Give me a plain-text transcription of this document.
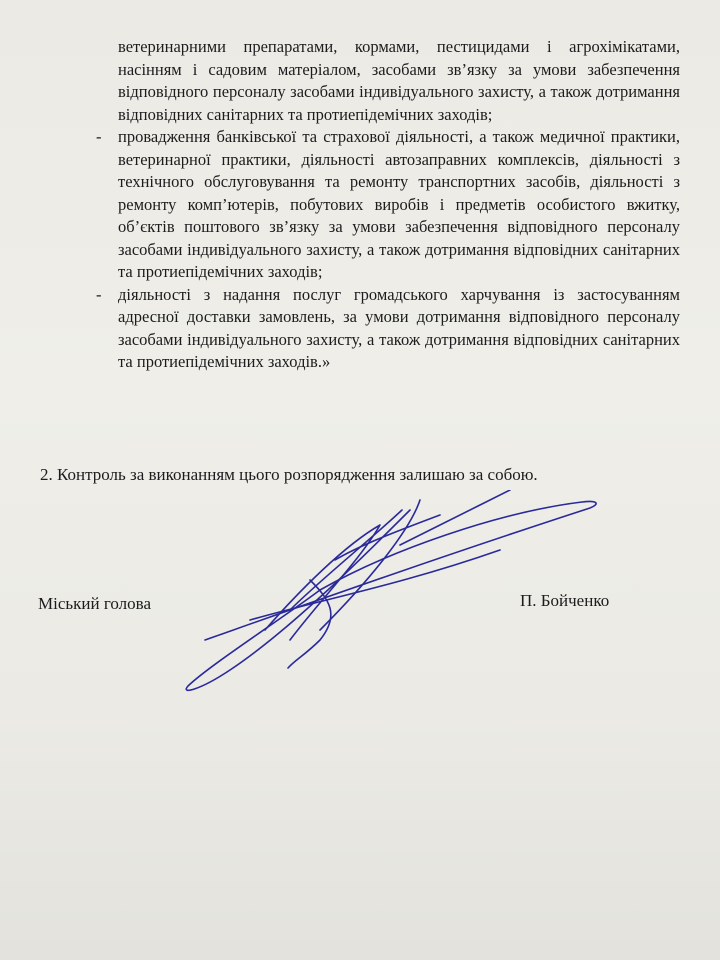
ветеринарними препаратами, кормами, пестицидами і агрохімікатами, насінням і садовим матеріалом, засобами зв’язку за умови забезпечення відповідного персоналу засобами індивідуального захисту, а також дотримання відповідних санітарних та протиепідемічних заходів;

- провадження банківської та страхової діяльності, а також медичної практики, ветеринарної практики, діяльності автозаправних комплексів, діяльності з технічного обслуговування та ремонту транспортних засобів, діяльності з ремонту комп’ютерів, побутових виробів і предметів особистого вжитку, об’єктів поштового зв’язку за умови забезпечення відповідного персоналу засобами індивідуального захисту, а також дотримання відповідних санітарних та протиепідемічних заходів;
- діяльності з надання послуг громадського харчування із застосуванням адресної доставки замовлень, за умови дотримання відповідного персоналу засобами індивідуального захисту, а також дотримання відповідних санітарних та протиепідемічних заходів.»

2. Контроль за виконанням цього розпорядження залишаю за собою.

Міський голова	П. Бойченко
